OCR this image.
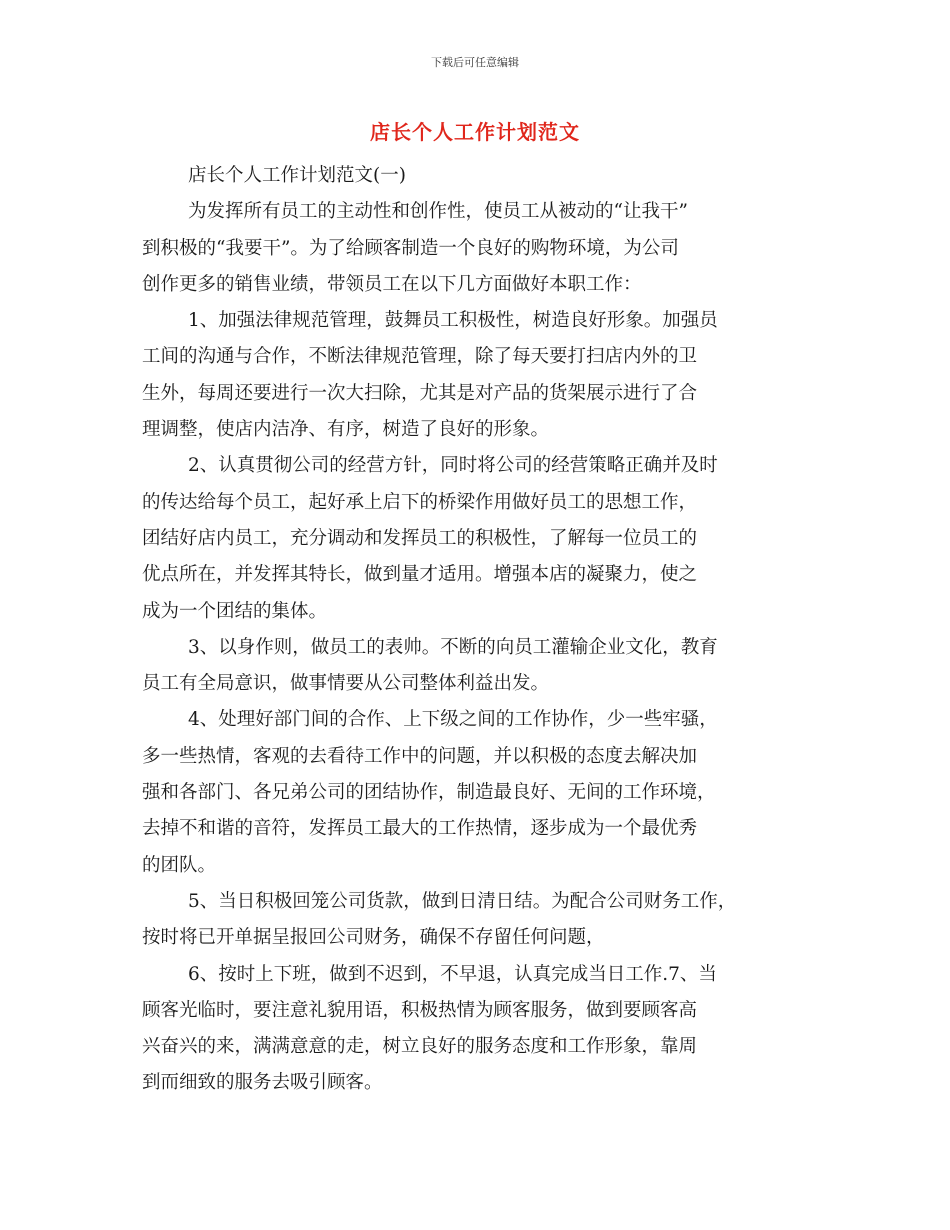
下载后可任意编辑
店长个人工作计划范文
店长个人工作计划范文(一)
为发挥所有员工的主动性和创作性，使员工从被动的“让我干”
到积极的“我要干”。为了给顾客制造一个良好的购物环境，为公司
创作更多的销售业绩，带领员工在以下几方面做好本职工作：
1、加强法律规范管理，鼓舞员工积极性，树造良好形象。加强员
工间的沟通与合作，不断法律规范管理，除了每天要打扫店内外的卫
生外，每周还要进行一次大扫除，尤其是对产品的货架展示进行了合
理调整，使店内洁净、有序，树造了良好的形象。
2、认真贯彻公司的经营方针，同时将公司的经营策略正确并及时
的传达给每个员工，起好承上启下的桥梁作用做好员工的思想工作，
团结好店内员工，充分调动和发挥员工的积极性，了解每一位员工的
优点所在，并发挥其特长，做到量才适用。增强本店的凝聚力，使之
成为一个团结的集体。
3、以身作则，做员工的表帅。不断的向员工灌输企业文化，教育
员工有全局意识，做事情要从公司整体利益出发。
4、处理好部门间的合作、上下级之间的工作协作，少一些牢骚，
多一些热情，客观的去看待工作中的问题，并以积极的态度去解决加
强和各部门、各兄弟公司的团结协作，制造最良好、无间的工作环境，
去掉不和谐的音符，发挥员工最大的工作热情，逐步成为一个最优秀
的团队。
5、当日积极回笼公司货款，做到日清日结。为配合公司财务工作，
按时将已开单据呈报回公司财务，确保不存留任何问题，
6、按时上下班，做到不迟到，不早退，认真完成当日工作.7、当
顾客光临时，要注意礼貌用语，积极热情为顾客服务，做到要顾客高
兴奋兴的来，满满意意的走，树立良好的服务态度和工作形象，靠周
到而细致的服务去吸引顾客。
